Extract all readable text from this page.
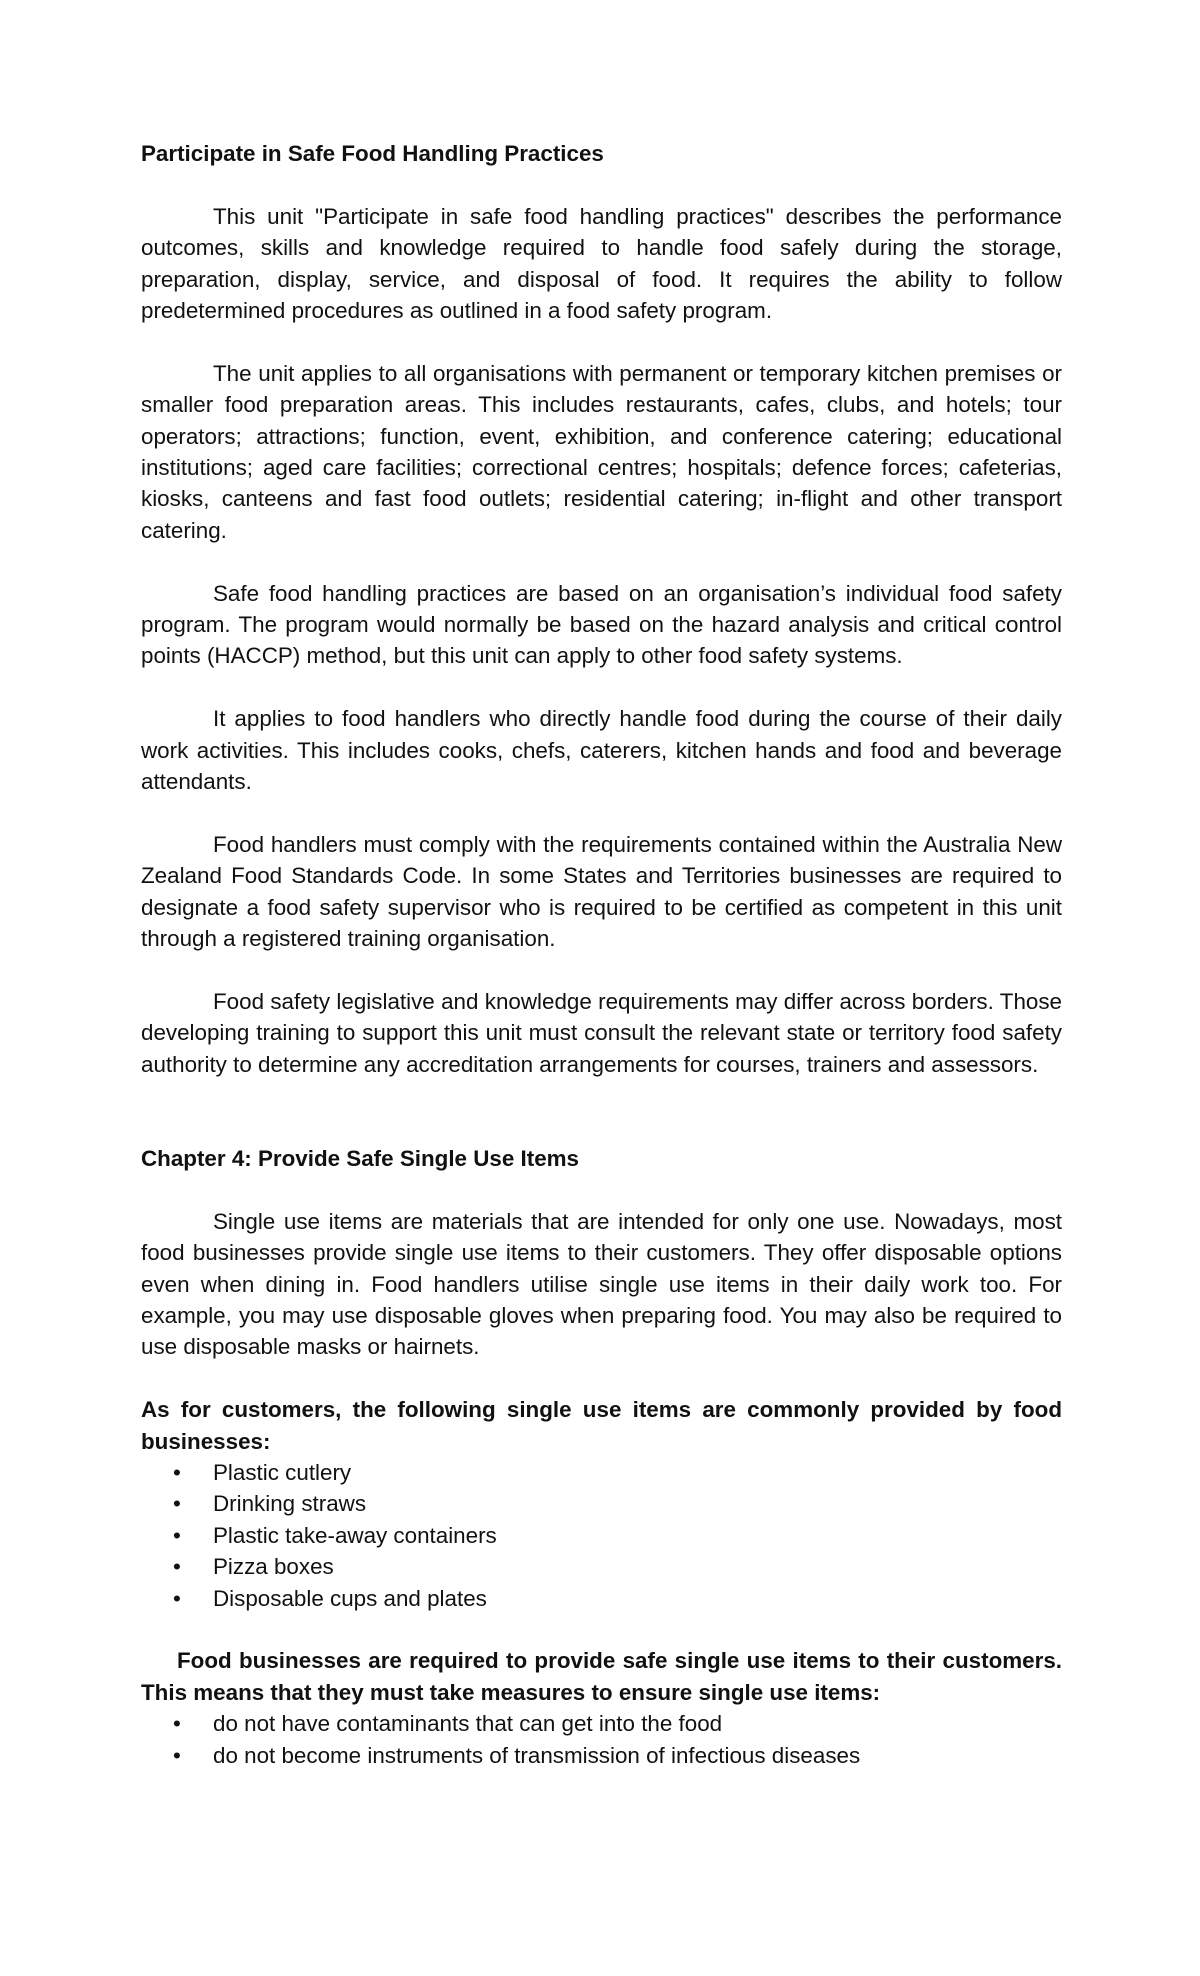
Participate in Safe Food Handling Practices

This unit "Participate in safe food handling practices" describes the performance outcomes, skills and knowledge required to handle food safely during the storage, preparation, display, service, and disposal of food. It requires the ability to follow predetermined procedures as outlined in a food safety program.

The unit applies to all organisations with permanent or temporary kitchen premises or smaller food preparation areas. This includes restaurants, cafes, clubs, and hotels; tour operators; attractions; function, event, exhibition, and conference catering; educational institutions; aged care facilities; correctional centres; hospitals; defence forces; cafeterias, kiosks, canteens and fast food outlets; residential catering; in-flight and other transport catering.

Safe food handling practices are based on an organisation’s individual food safety program. The program would normally be based on the hazard analysis and critical control points (HACCP) method, but this unit can apply to other food safety systems.

It applies to food handlers who directly handle food during the course of their daily work activities. This includes cooks, chefs, caterers, kitchen hands and food and beverage attendants.

Food handlers must comply with the requirements contained within the Australia New Zealand Food Standards Code. In some States and Territories businesses are required to designate a food safety supervisor who is required to be certified as competent in this unit through a registered training organisation.

Food safety legislative and knowledge requirements may differ across borders. Those developing training to support this unit must consult the relevant state or territory food safety authority to determine any accreditation arrangements for courses, trainers and assessors.

Chapter 4: Provide Safe Single Use Items

Single use items are materials that are intended for only one use. Nowadays, most food businesses provide single use items to their customers. They offer disposable options even when dining in. Food handlers utilise single use items in their daily work too. For example, you may use disposable gloves when preparing food. You may also be required to use disposable masks or hairnets.

As for customers, the following single use items are commonly provided by food businesses:

• Plastic cutlery
• Drinking straws
• Plastic take-away containers
• Pizza boxes
• Disposable cups and plates

Food businesses are required to provide safe single use items to their customers. This means that they must take measures to ensure single use items:

• do not have contaminants that can get into the food
• do not become instruments of transmission of infectious diseases
